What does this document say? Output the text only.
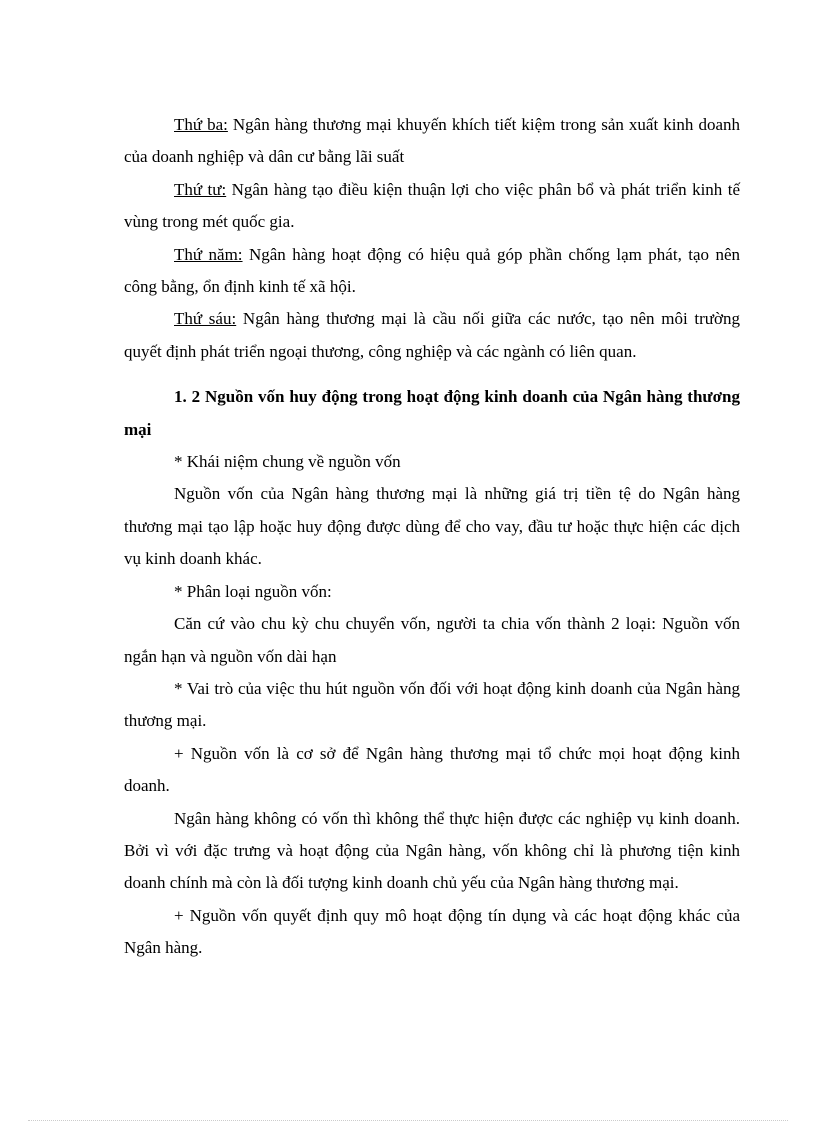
Thứ ba: Ngân hàng thương mại khuyến khích tiết kiệm trong sản xuất kinh doanh của doanh nghiệp và dân cư bằng lãi suất

Thứ tư: Ngân hàng tạo điều kiện thuận lợi cho việc phân bổ và phát triển kinh tế vùng trong mét quốc gia.

Thứ năm: Ngân hàng hoạt động có hiệu quả góp phần chống lạm phát, tạo nên công bằng, ổn định kinh tế xã hội.

Thứ sáu: Ngân hàng thương mại là cầu nối giữa các nước, tạo nên môi trường quyết định phát triển ngoại thương, công nghiệp và các ngành có liên quan.

1. 2 Nguồn vốn huy động trong hoạt động kinh doanh của Ngân hàng thương mại

* Khái niệm chung về nguồn vốn

Nguồn vốn của Ngân hàng thương mại là những giá trị tiền tệ do Ngân hàng thương mại tạo lập hoặc huy động được dùng để cho vay, đầu tư hoặc thực hiện các dịch vụ kinh doanh khác.

* Phân loại nguồn vốn:

Căn cứ vào chu kỳ chu chuyển vốn, người ta chia vốn thành 2 loại: Nguồn vốn ngắn hạn và nguồn vốn dài hạn

* Vai trò của việc thu hút nguồn vốn đối với hoạt động kinh doanh của Ngân hàng thương mại.

+ Nguồn vốn là cơ sở để Ngân hàng thương mại tổ chức mọi hoạt động kinh doanh.

Ngân hàng không có vốn thì không thể thực hiện được các nghiệp vụ kinh doanh. Bởi vì với đặc trưng và hoạt động của Ngân hàng, vốn không chỉ là phương tiện kinh doanh chính mà còn là đối tượng kinh doanh chủ yếu của Ngân hàng thương mại.

+ Nguồn vốn quyết định quy mô hoạt động tín dụng và các hoạt động khác của Ngân hàng.
